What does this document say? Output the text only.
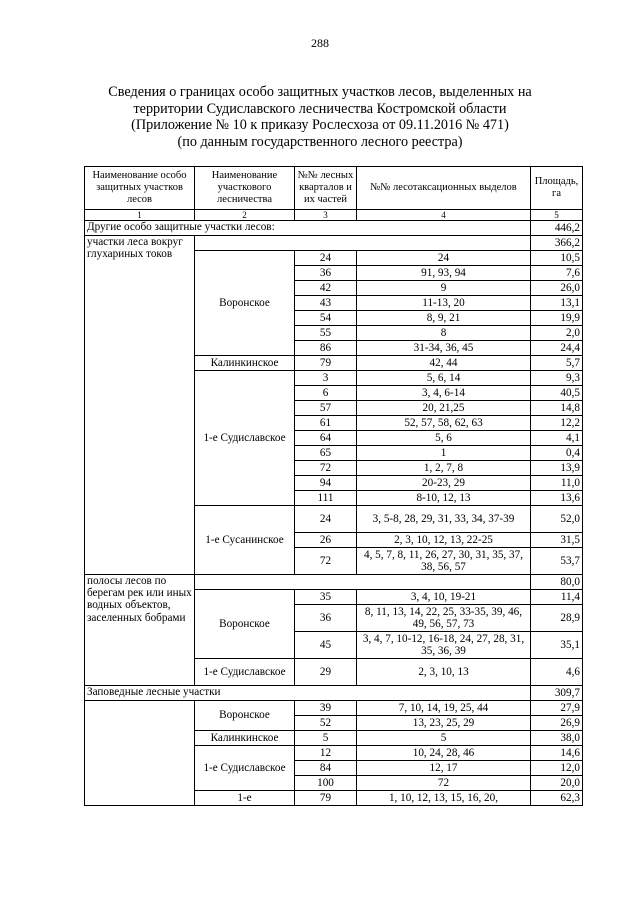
288
Сведения о границах особо защитных участков лесов, выделенных на
территории Судиславского лесничества Костромской области
(Приложение № 10 к приказу Рослесхоза от 09.11.2016 № 471)
(по данным государственного лесного реестра)
Наименование особо защитных участков лесов	Наименование участкового лесничества	№№ лесных кварталов и их частей	№№ лесотаксационных выделов	Площадь, га
1	2	3	4	5
Другие особо защитные участки лесов:				446,2
участки леса вокруг глухариных токов				366,2
	Воронское	24	24	10,5
		36	91, 93, 94	7,6
		42	9	26,0
		43	11-13, 20	13,1
		54	8, 9, 21	19,9
		55	8	2,0
		86	31-34, 36, 45	24,4
	Калинкинское	79	42, 44	5,7
	1-е Судиславское	3	5, 6, 14	9,3
		6	3, 4, 6-14	40,5
		57	20, 21,25	14,8
		61	52, 57, 58, 62, 63	12,2
		64	5, 6	4,1
		65	1	0,4
		72	1, 2, 7, 8	13,9
		94	20-23, 29	11,0
		111	8-10, 12, 13	13,6
	1-е Сусанинское	24	3, 5-8, 28, 29, 31, 33, 34, 37-39	52,0
		26	2, 3, 10, 12, 13, 22-25	31,5
		72	4, 5, 7, 8, 11, 26, 27, 30, 31, 35, 37, 38, 56, 57	53,7
полосы лесов по берегам рек или иных водных объектов, заселенных бобрами				80,0
	Воронское	35	3, 4, 10, 19-21	11,4
		36	8, 11, 13, 14, 22, 25, 33-35, 39, 46, 49, 56, 57, 73	28,9
		45	3, 4, 7, 10-12, 16-18, 24, 27, 28, 31, 35, 36, 39	35,1
	1-е Судиславское	29	2, 3, 10, 13	4,6
Заповедные лесные участки				309,7
	Воронское	39	7, 10, 14, 19, 25, 44	27,9
		52	13, 23, 25, 29	26,9
	Калинкинское	5	5	38,0
	1-е Судиславское	12	10, 24, 28, 46	14,6
		84	12, 17	12,0
		100	72	20,0
	1-е	79	1, 10, 12, 13, 15, 16, 20,	62,3
